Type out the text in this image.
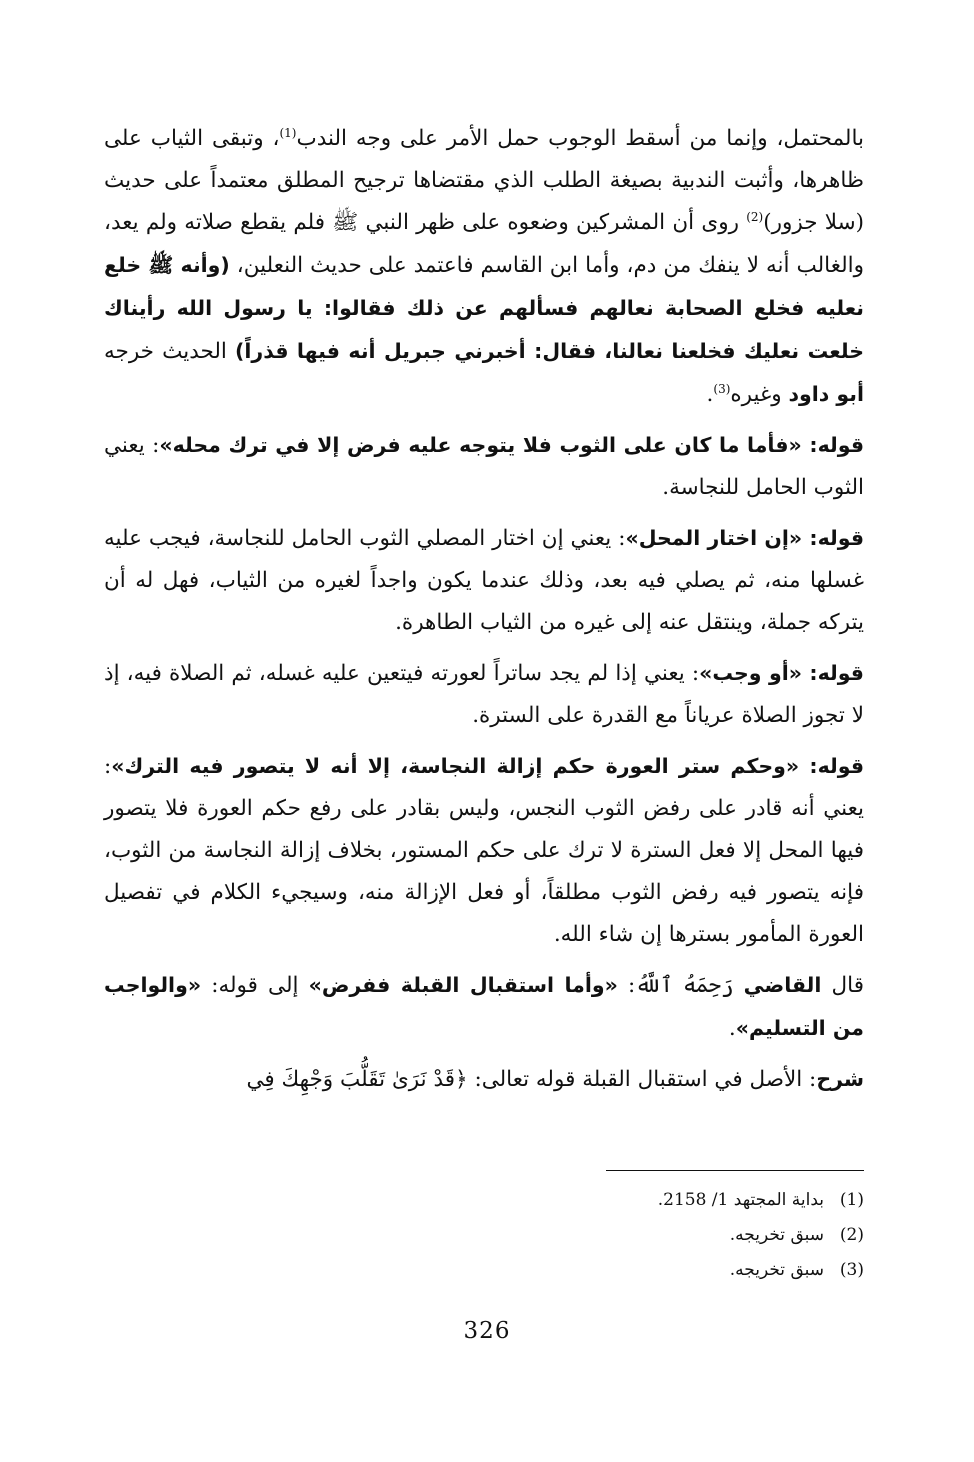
بالمحتمل، وإنما من أسقط الوجوب حمل الأمر على وجه الندب$^{(1)}$، وتبقى الثياب على ظاهرها، وأثبت الندبية بصيغة الطلب الذي مقتضاها ترجيح المطلق معتمداً على حديث (سلا جزور)$^{(2)}$ روى أن المشركين وضعوه على ظهر النبي ﷺ فلم يقطع صلاته ولم يعد، والغالب أنه لا ينفك من دم، وأما ابن القاسم فاعتمد على حديث النعلين، (وأنه ﷺ خلع نعليه فخلع الصحابة نعالهم فسألهم عن ذلك فقالوا: يا رسول الله رأيناك خلعت نعليك فخلعنا نعالنا، فقال: أخبرني جبريل أنه فيها قذراً) الحديث خرجه أبو داود وغيره$^{(3)}$.

قوله: «فأما ما كان على الثوب فلا يتوجه عليه فرض إلا في ترك محله»: يعني الثوب الحامل للنجاسة.

قوله: «إن اختار المحل»: يعني إن اختار المصلي الثوب الحامل للنجاسة، فيجب عليه غسلها منه، ثم يصلي فيه بعد، وذلك عندما يكون واجداً لغيره من الثياب، فهل له أن يتركه جملة، وينتقل عنه إلى غيره من الثياب الطاهرة.

قوله: «أو وجب»: يعني إذا لم يجد ساتراً لعورته فيتعين عليه غسله، ثم الصلاة فيه، إذ لا تجوز الصلاة عرياناً مع القدرة على السترة.

قوله: «وحكم ستر العورة حكم إزالة النجاسة، إلا أنه لا يتصور فيه الترك»: يعني أنه قادر على رفض الثوب النجس، وليس بقادر على رفع حكم العورة فلا يتصور فيها المحل إلا فعل السترة لا ترك على حكم المستور، بخلاف إزالة النجاسة من الثوب، فإنه يتصور فيه رفض الثوب مطلقاً، أو فعل الإزالة منه، وسيجيء الكلام في تفصيل العورة المأمور بسترها إن شاء الله.

قال القاضي رَحِمَهُ ٱللَّهُ: «وأما استقبال القبلة ففرض» إلى قوله: «والواجب من التسليم».

شرح: الأصل في استقبال القبلة قوله تعالى: ﴿قَدْ نَرَىٰ تَقَلُّبَ وَجْهِكَ فِي

(1)
بداية المجتهد 1/ 2158.
(2)
سبق تخريجه.
(3)
سبق تخريجه.
326
